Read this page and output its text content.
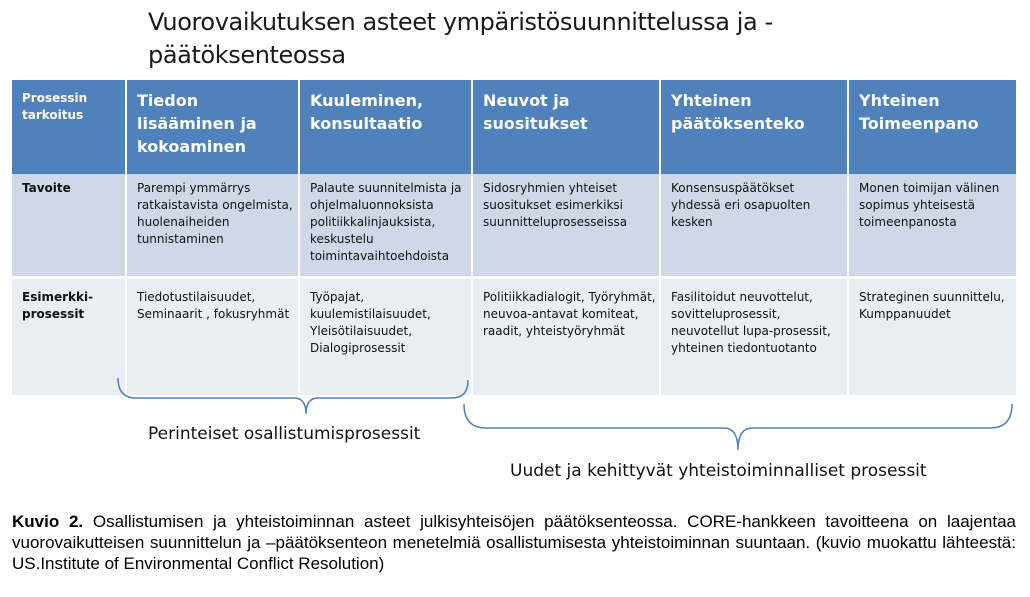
Vuorovaikutuksen asteet ympäristösuunnittelussa ja -päätöksenteossa
Prosessin tarkoitus	Tiedon lisääminen ja kokoaminen	Kuuleminen, konsultaatio	Neuvot ja suositukset	Yhteinen päätöksenteko	Yhteinen Toimeenpano
Tavoite	Parempi ymmärrys ratkaistavista ongelmista, huolenaiheiden tunnistaminen	Palaute suunnitelmista ja ohjelmaluonnoksista politiikkalinjauksista, keskustelu toimintavaihtoehdoista	Sidosryhmien yhteiset suositukset esimerkiksi suunnitteluprosesseissa	Konsensuspäätökset yhdessä eri osapuolten kesken	Monen toimijan välinen sopimus yhteisestä toimeenpanosta
Esimerkki-prosessit	Tiedotustilaisuudet, Seminaarit , fokusryhmät	Työpajat, kuulemistilaisuudet, Yleisötilaisuudet, Dialogiprosessit	Politiikkadialogit, Työryhmät, neuvoa-antavat komiteat, raadit, yhteistyöryhmät	Fasilitoidut neuvottelut, sovitteluprosessit, neuvotellut lupa-prosessit, yhteinen tiedontuotanto	Strateginen suunnittelu, Kumppanuudet
Perinteiset osallistumisprosessit
Uudet ja kehittyvät yhteistoiminnalliset prosessit
Kuvio 2. Osallistumisen ja yhteistoiminnan asteet julkisyhteisöjen päätöksenteossa. CORE-hankkeen tavoitteena on laajentaa vuorovaikutteisen suunnittelun ja –päätöksenteon menetelmiä osallistumisesta yhteistoiminnan suuntaan. (kuvio muokattu lähteestä: US.Institute of Environmental Conflict Resolution)
